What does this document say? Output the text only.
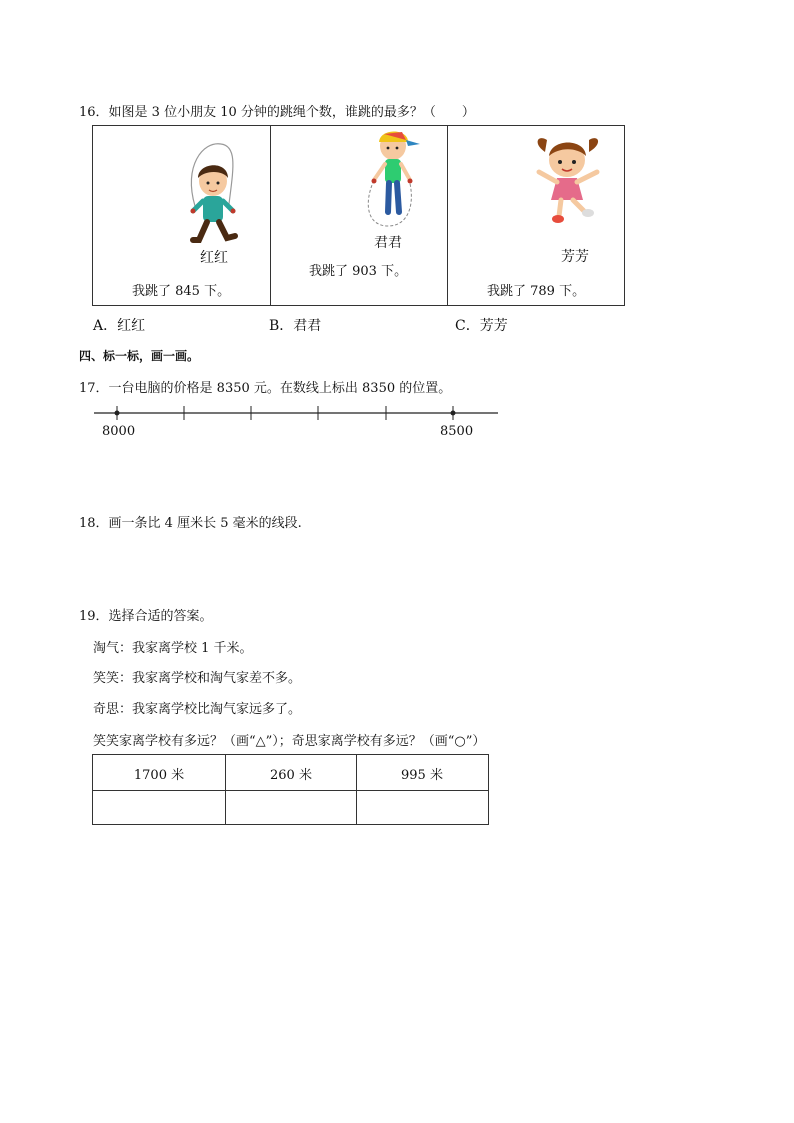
16．如图是 3 位小朋友 10 分钟的跳绳个数，谁跳的最多？（　　）
红红
我跳了 845 下。
君君
我跳了 903 下。
芳芳
我跳了 789 下。
A．红红	B．君君	C．芳芳
四、标一标，画一画。
17．一台电脑的价格是 8350 元。在数线上标出 8350 的位置。
8000	8500
18．画一条比 4 厘米长 5 毫米的线段.
19．选择合适的答案。
淘气：我家离学校 1 千米。
笑笑：我家离学校和淘气家差不多。
奇思：我家离学校比淘气家远多了。
笑笑家离学校有多远？（画“△”）；奇思家离学校有多远？（画“○”）
1700 米	260 米	995 米
